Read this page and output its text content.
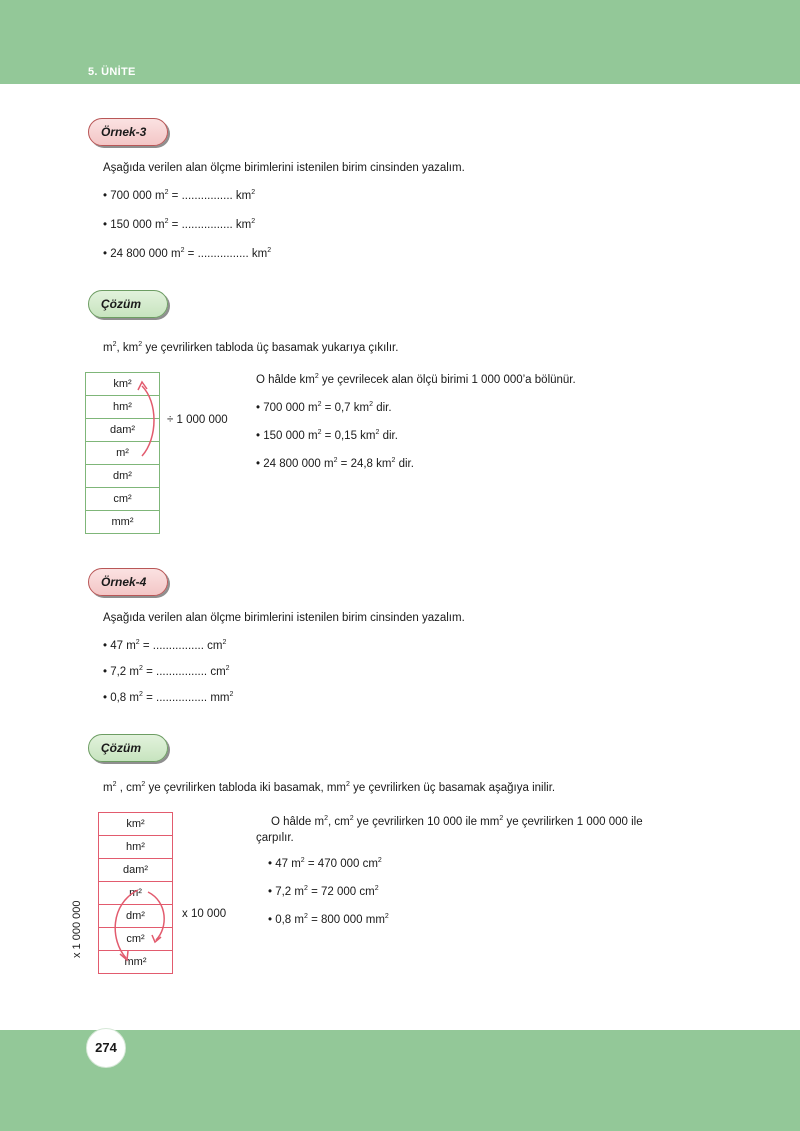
5. ÜNİTE
Örnek-3
Aşağıda verilen alan ölçme birimlerini istenilen birim cinsinden yazalım.
• 700 000 $m^2$ = ................ $km^2$
• 150 000 $m^2$ = ................ $km^2$
• 24 800 000 $m^2$ = ................ $km^2$
Çözüm
$m^2$, $km^2$ ye çevrilirken tabloda üç basamak yukarıya çıkılır.
km²
hm²
dam²
m²
dm²
cm²
mm²
÷ 1 000 000
O hâlde $km^2$ ye çevrilecek alan ölçü birimi 1 000 000’a bölünür.
• 700 000 $m^2 = 0,7$ $km^2$ dir.
• 150 000 $m^2 = 0,15$ $km^2$ dir.
• 24 800 000 $m^2 = 24,8$ $km^2$ dir.
Örnek-4
Aşağıda verilen alan ölçme birimlerini istenilen birim cinsinden yazalım.
• 47 $m^2$ = ................ $cm^2$
• 7,2 $m^2$ = ................ $cm^2$
• 0,8 $m^2$ = ................ $mm^2$
Çözüm
$m^2$ , $cm^2$ ye çevrilirken tabloda iki basamak, $mm^2$ ye çevrilirken üç basamak aşağıya inilir.
km²
hm²
dam²
m²
dm²
cm²
mm²
x 10 000
x 1 000 000
O hâlde $m^2$, $cm^2$ ye çevrilirken 10 000 ile $mm^2$ ye çevrilirken 1 000 000 ile
çarpılır.
• 47 $m^2 = 470$ 000 $cm^2$
• 7,2 $m^2 = 72$ 000 $cm^2$
• 0,8 $m^2 = 800$ 000 $mm^2$
274
